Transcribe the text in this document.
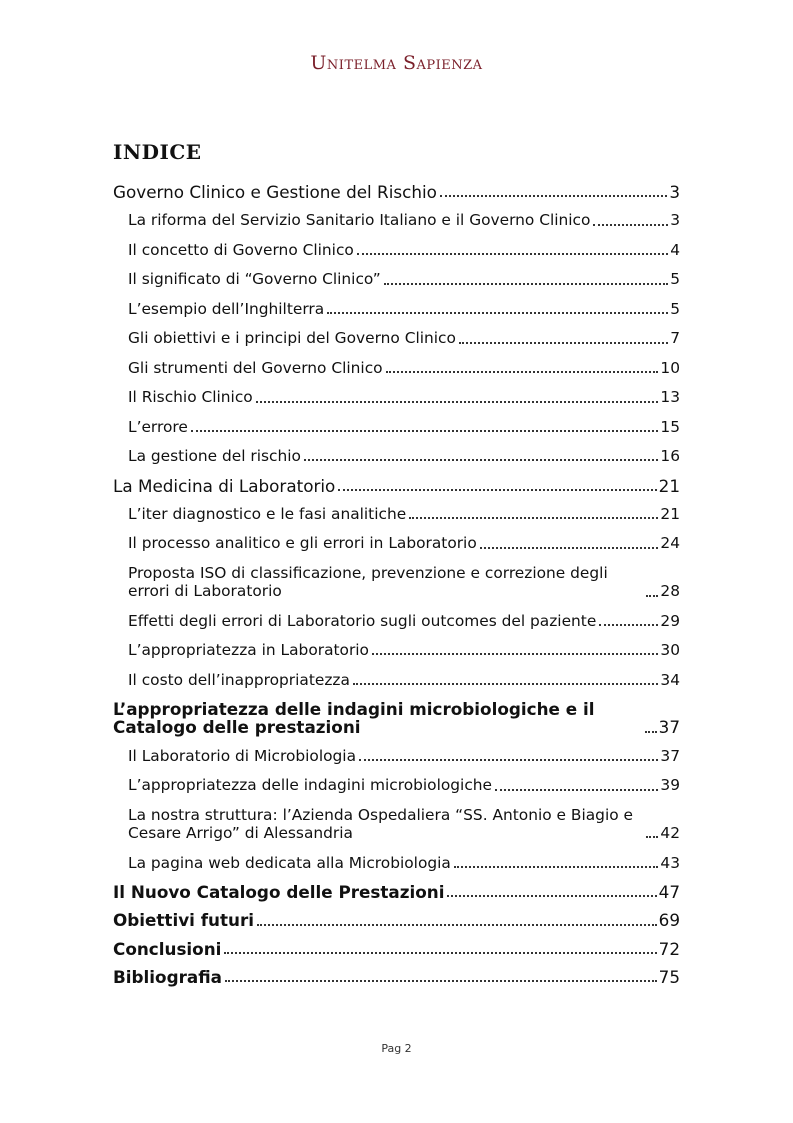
Unitelma Sapienza
INDICE
Governo Clinico e Gestione del Rischio	3
La riforma del Servizio Sanitario Italiano e il Governo Clinico	3
Il concetto di Governo Clinico	4
Il significato di “Governo Clinico”	5
L’esempio dell’Inghilterra	5
Gli obiettivi e i principi del Governo Clinico	7
Gli strumenti del Governo Clinico	10
Il Rischio Clinico	13
L’errore	15
La gestione del rischio	16
La Medicina di Laboratorio	21
L’iter diagnostico e le fasi analitiche	21
Il processo analitico e gli errori in Laboratorio	24
Proposta ISO di classificazione, prevenzione e correzione degli errori di Laboratorio	28
Effetti degli errori di Laboratorio sugli outcomes del paziente	29
L’appropriatezza in Laboratorio	30
Il costo dell’inappropriatezza	34
L’appropriatezza delle indagini microbiologiche e il Catalogo delle prestazioni	37
Il Laboratorio di Microbiologia	37
L’appropriatezza delle indagini microbiologiche	39
La nostra struttura: l’Azienda Ospedaliera “SS. Antonio e Biagio e Cesare Arrigo” di Alessandria	42
La pagina web dedicata alla Microbiologia	43
Il Nuovo Catalogo delle Prestazioni	47
Obiettivi futuri	69
Conclusioni	72
Bibliografia	75
Pag 2
